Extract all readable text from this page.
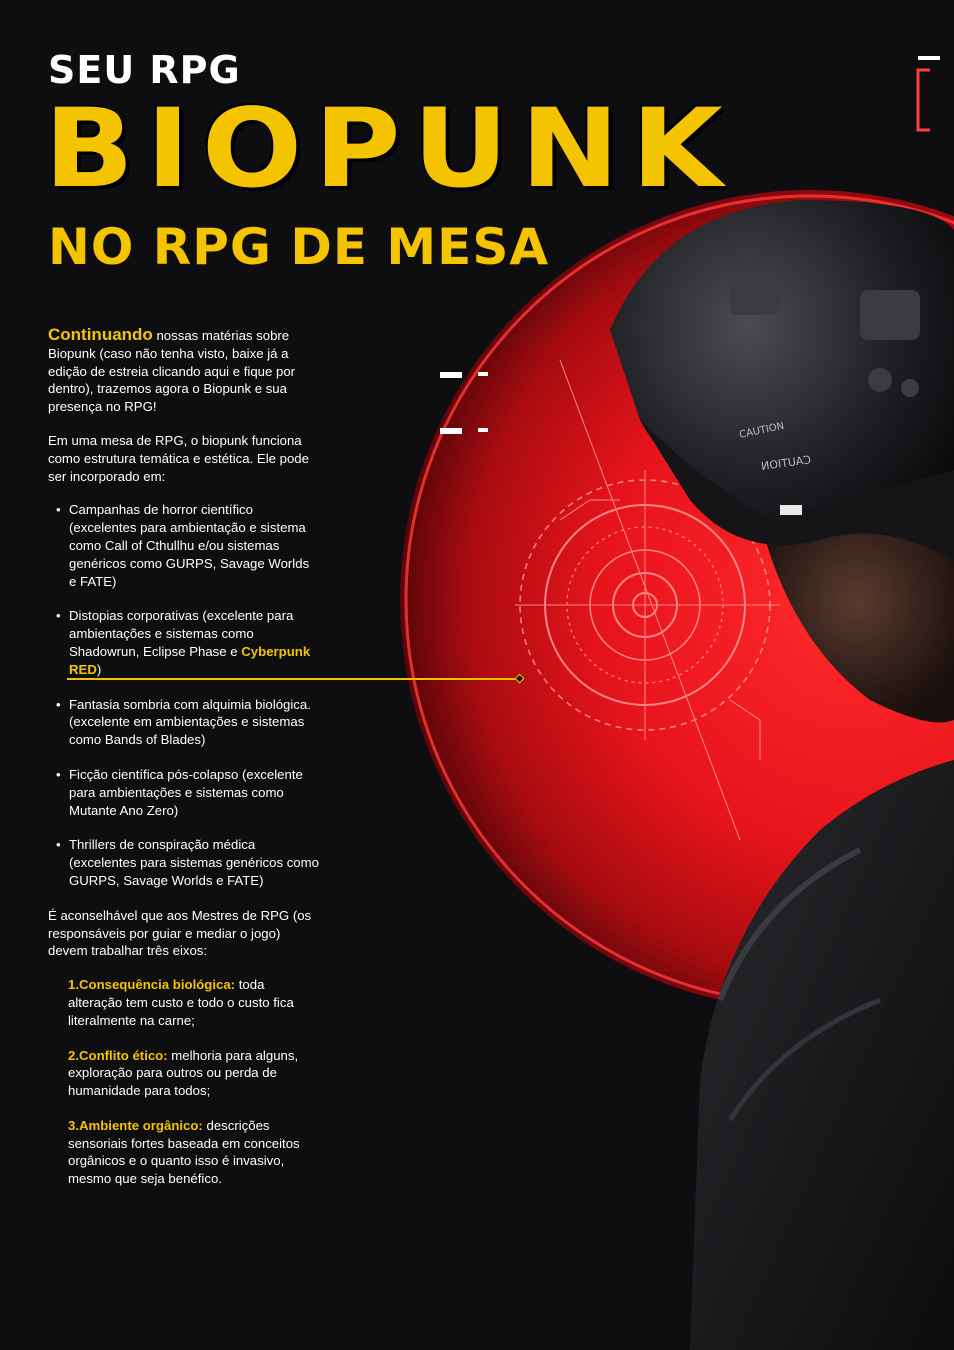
CAUTION
CAUTION
SEU RPG
BIOPUNK
NO RPG DE MESA

Continuando nossas matérias sobre Biopunk (caso não tenha visto, baixe já a edição de estreia clicando aqui e fique por dentro), trazemos agora o Biopunk e sua presença no RPG!

Em uma mesa de RPG, o biopunk funciona como estrutura temática e estética. Ele pode ser incorporado em:

• Campanhas de horror científico (excelentes para ambientação e sistema como Call of Cthullhu e/ou sistemas genéricos como GURPS, Savage Worlds e FATE)
• Distopias corporativas (excelente para ambientações e sistemas como Shadowrun, Eclipse Phase e Cyberpunk RED)
• Fantasia sombria com alquimia biológica. (excelente em ambientações e sistemas como Bands of Blades)
• Ficção científica pós-colapso (excelente para ambientações e sistemas como Mutante Ano Zero)
• Thrillers de conspiração médica (excelentes para sistemas genéricos como GURPS, Savage Worlds e FATE)

É aconselhável que aos Mestres de RPG (os responsáveis por guiar e mediar o jogo) devem trabalhar três eixos:

1.Consequência biológica: toda alteração tem custo e todo o custo fica literalmente na carne;

2.Conflito ético: melhoria para alguns, exploração para outros ou perda de humanidade para todos;

3.Ambiente orgânico: descrições sensoriais fortes baseada em conceitos orgânicos e o quanto isso é invasivo, mesmo que seja benéfico.
